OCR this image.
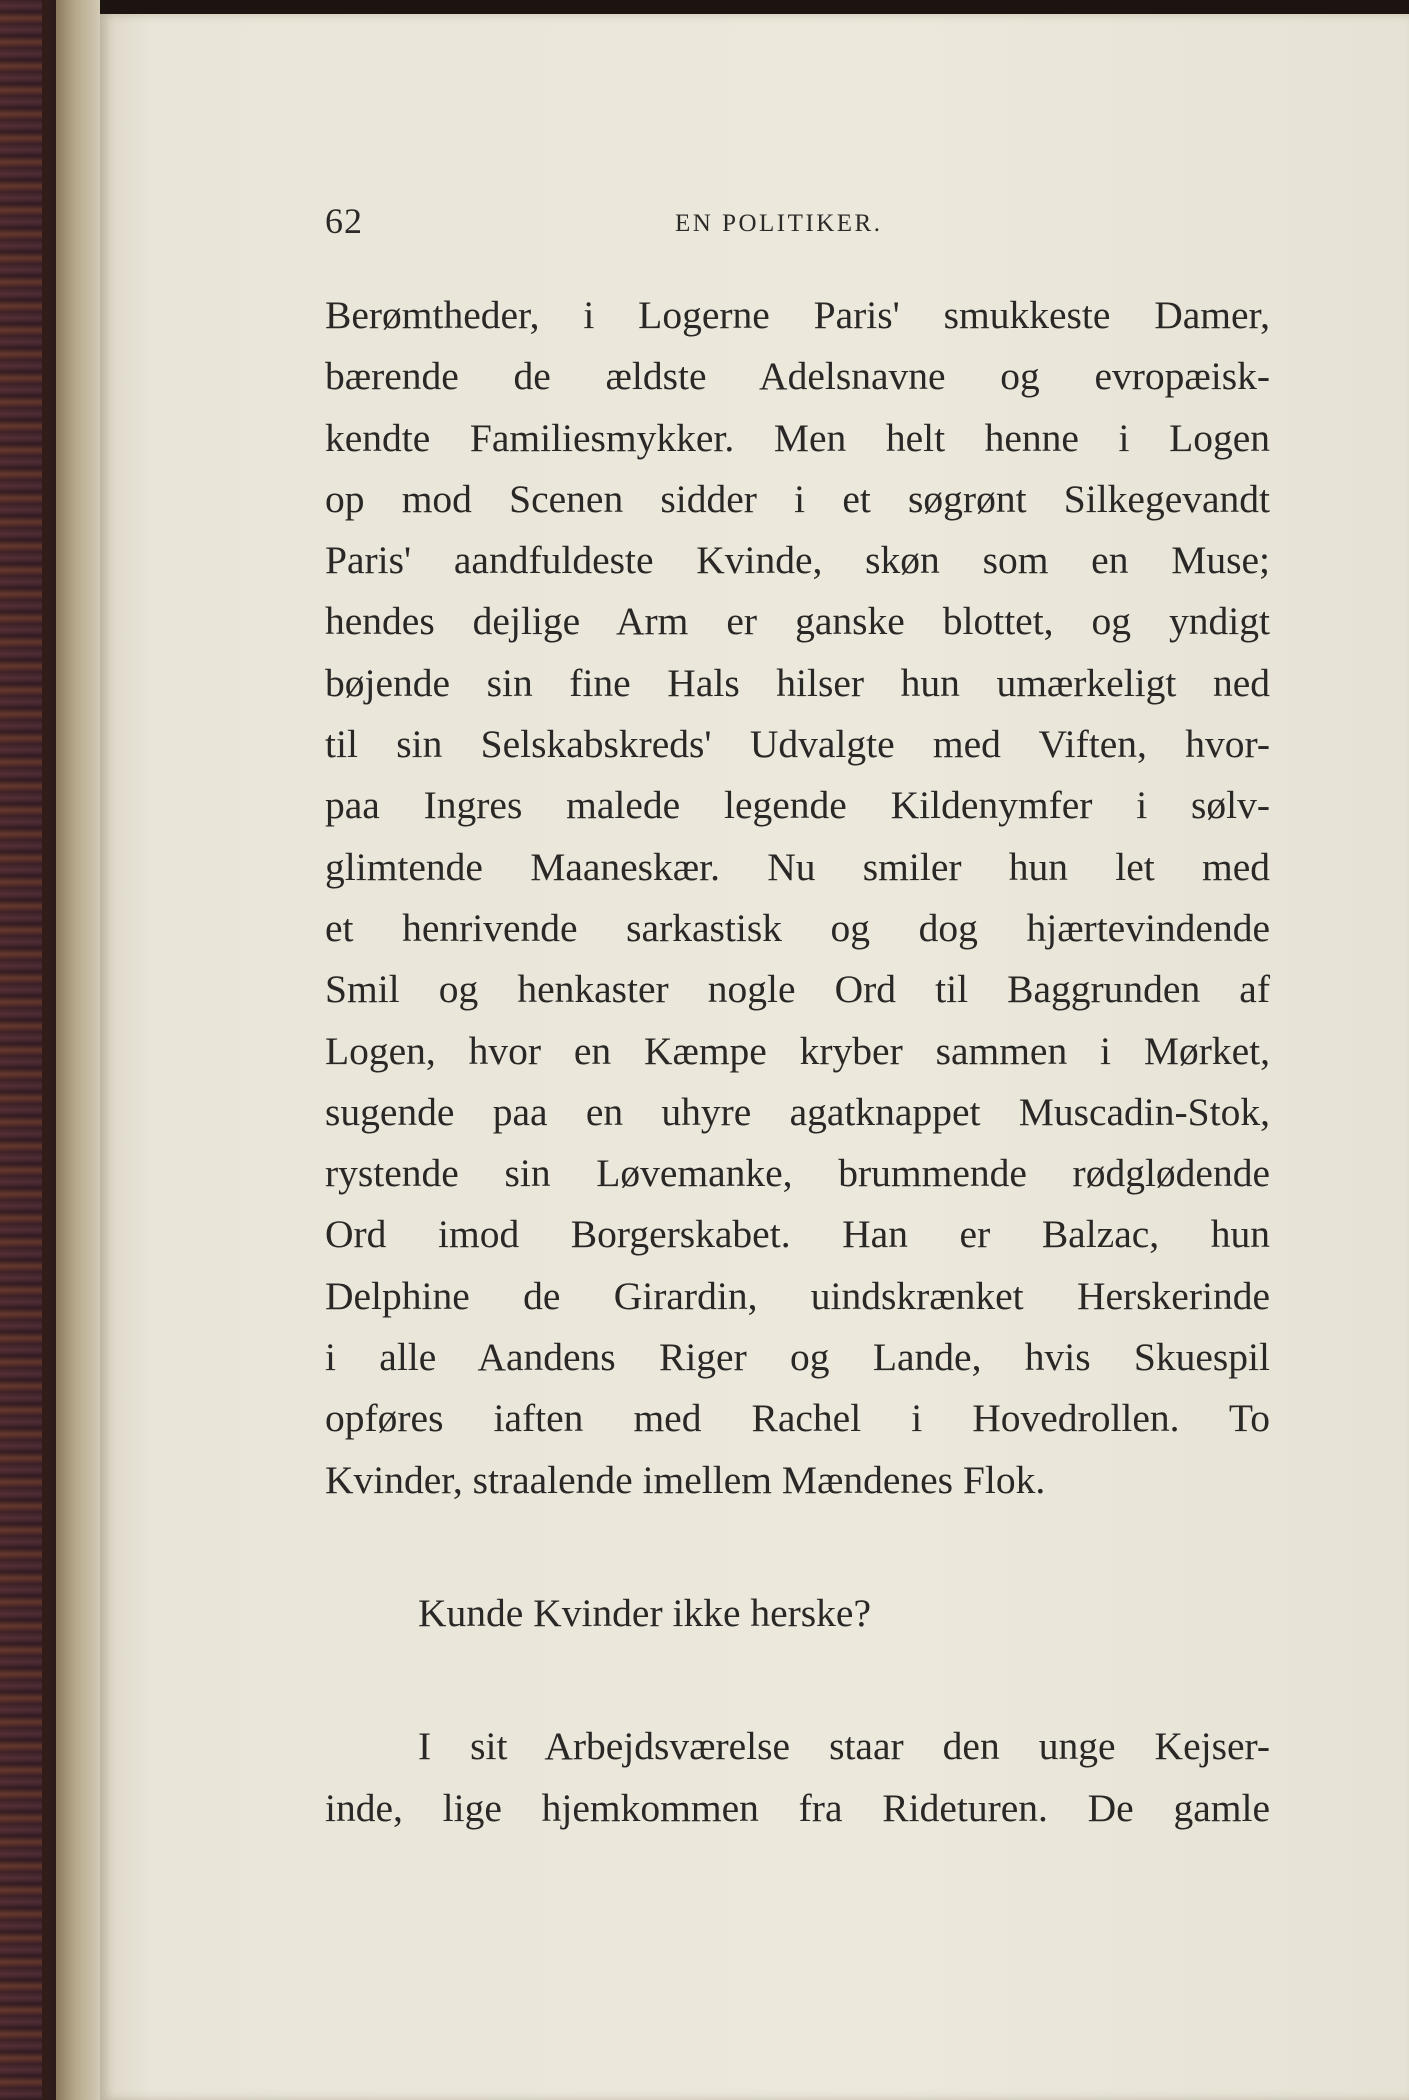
62	EN POLITIKER.
Berømtheder, i Logerne Paris' smukkeste Damer,
bærende de ældste Adelsnavne og evropæisk-
kendte Familiesmykker. Men helt henne i Logen
op mod Scenen sidder i et søgrønt Silkegevandt
Paris' aandfuldeste Kvinde, skøn som en Muse;
hendes dejlige Arm er ganske blottet, og yndigt
bøjende sin fine Hals hilser hun umærkeligt ned
til sin Selskabskreds' Udvalgte med Viften, hvor-
paa Ingres malede legende Kildenymfer i sølv-
glimtende Maaneskær. Nu smiler hun let med
et henrivende sarkastisk og dog hjærtevindende
Smil og henkaster nogle Ord til Baggrunden af
Logen, hvor en Kæmpe kryber sammen i Mørket,
sugende paa en uhyre agatknappet Muscadin-Stok,
rystende sin Løvemanke, brummende rødglødende
Ord imod Borgerskabet. Han er Balzac, hun
Delphine de Girardin, uindskrænket Herskerinde
i alle Aandens Riger og Lande, hvis Skuespil
opføres iaften med Rachel i Hovedrollen. To
Kvinder, straalende imellem Mændenes Flok.
Kunde Kvinder ikke herske?
I sit Arbejdsværelse staar den unge Kejser-
inde, lige hjemkommen fra Rideturen. De gamle
